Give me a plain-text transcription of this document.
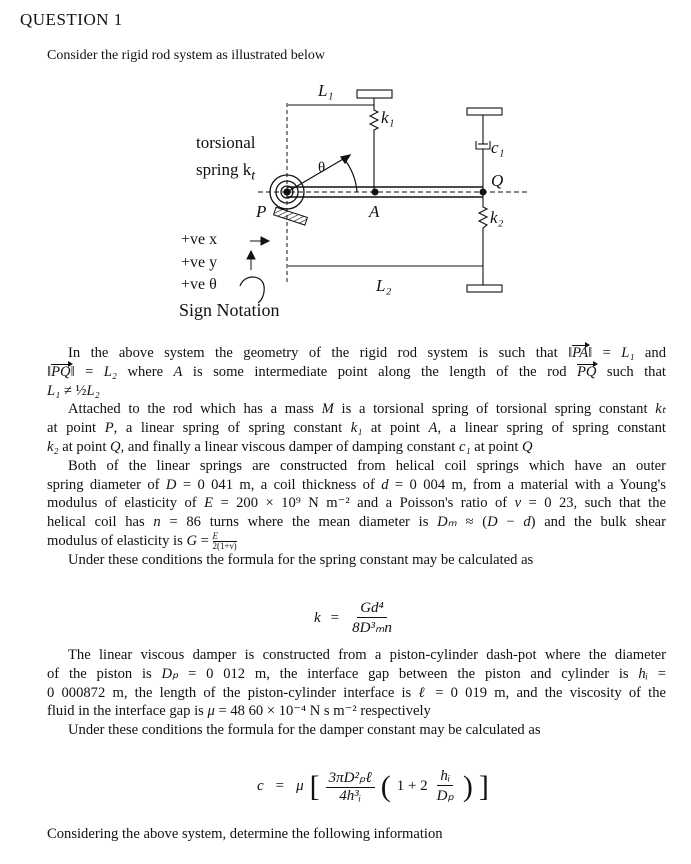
QUESTION 1
Consider the rigid rod system as illustrated below
torsional
spring $k_t$	θ
L₁
L₂
k₁
k₂
c₁
P	A
Q
+ve x
+ve y
+ve θ
Sign Notation
In the above system the geometry of the rigid rod system is such that ‖PA‖ = L₁ and
‖PQ‖ = L₂ where A is some intermediate point along the length of the rod PQ such that
L₁ ≠ ½L₂
Attached to the rod which has a mass M is a torsional spring of torsional spring constant kₜ
at point P, a linear spring of spring constant k₁ at point A, a linear spring of spring constant
k₂ at point Q, and finally a linear viscous damper of damping constant c₁ at point Q
Both of the linear springs are constructed from helical coil springs which have an outer
spring diameter of D = 0 041 m, a coil thickness of d = 0 004 m, from a material with a Young's
modulus of elasticity of E = 200 × 10⁹ N m⁻² and a Poisson's ratio of ν = 0 23, such that the
helical coil has n = 86 turns where the mean diameter is Dₘ ≈ (D − d) and the bulk shear
modulus of elasticity is $G = \frac{E}{2(1+\nu)}$
Under these conditions the formula for the spring constant may be calculated as
$k = \frac{\text{Gd⁴}}{\text{8D³ₘn}}$
The linear viscous damper is constructed from a piston-cylinder dash-pot where the diameter
of the piston is Dₚ = 0 012 m, the interface gap between the piston and cylinder is hᵢ =
0 000872 m, the length of the piston-cylinder interface is ℓ = 0 019 m, and the viscosity of the
fluid in the interface gap is μ = 48 60 × 10⁻⁴ N s m⁻² respectively
Under these conditions the formula for the damper constant may be calculated as
c = μ [ $\frac{\text{3πD²ₚℓ}}{\text{4h³ᵢ}}$ ( $1 + 2 \frac{\text{hᵢ}}{\text{Dₚ}}$ ) ]
Considering the above system, determine the following information
